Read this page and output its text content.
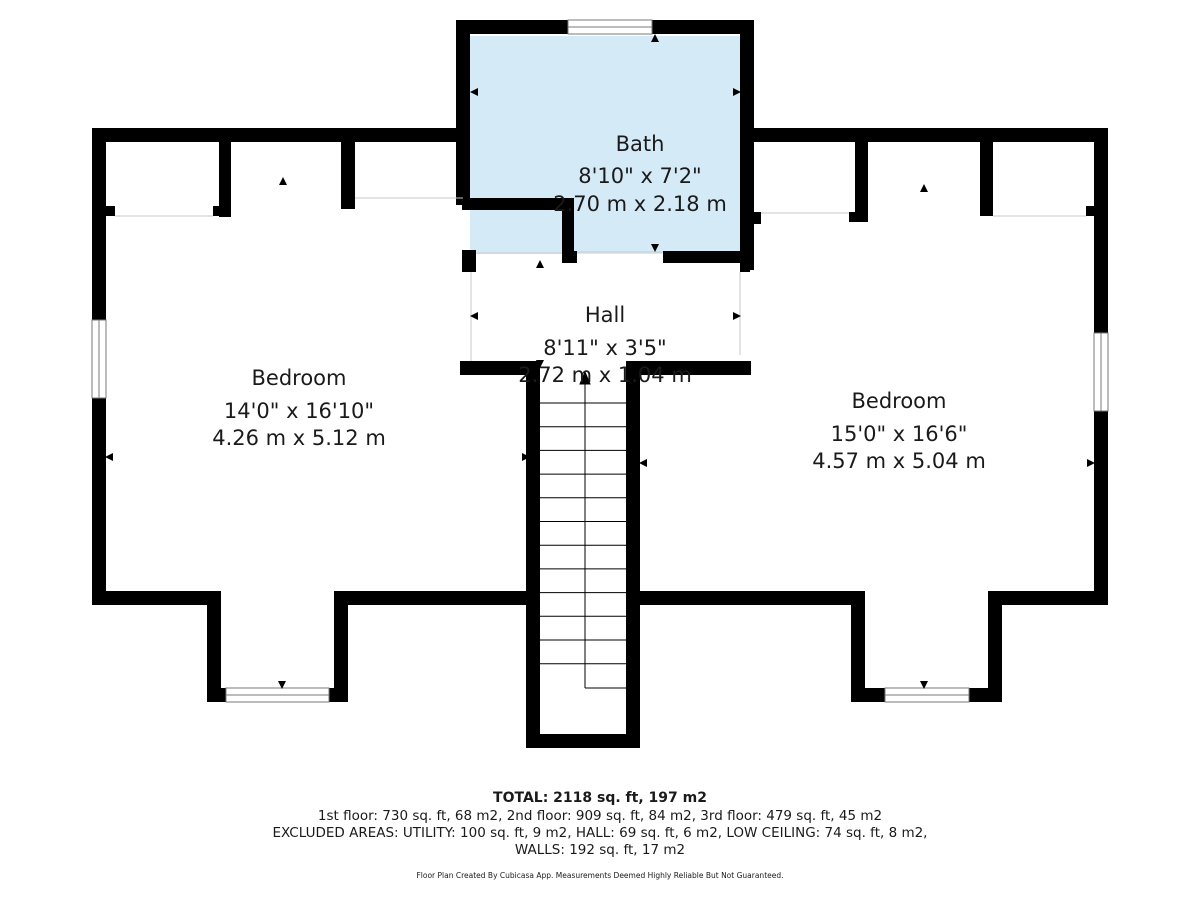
Bath
8'10" x 7'2"
2.70 m x 2.18 m
Hall
8'11" x 3'5"
2.72 m x 1.04 m
Bedroom
14'0" x 16'10"
4.26 m x 5.12 m
Bedroom
15'0" x 16'6"
4.57 m x 5.04 m
TOTAL: 2118 sq. ft, 197 m2
1st floor: 730 sq. ft, 68 m2, 2nd floor: 909 sq. ft, 84 m2, 3rd floor: 479 sq. ft, 45 m2
EXCLUDED AREAS: UTILITY: 100 sq. ft, 9 m2, HALL: 69 sq. ft, 6 m2, LOW CEILING: 74 sq. ft, 8 m2,
WALLS: 192 sq. ft, 17 m2
Floor Plan Created By Cubicasa App. Measurements Deemed Highly Reliable But Not Guaranteed.
